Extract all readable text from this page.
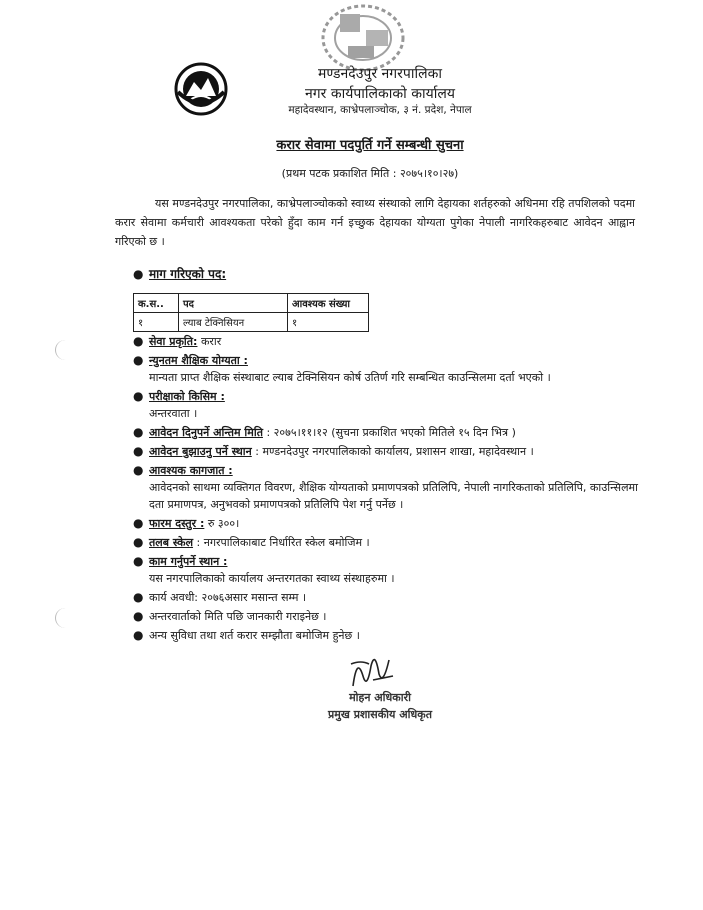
मण्डनदेउपुर नगरपालिका
नगर कार्यपालिकाको कार्यालय
महादेवस्थान, काभ्रेपलाञ्चोक, ३ नं. प्रदेश, नेपाल
करार सेवामा पदपुर्ति गर्ने सम्बन्धी सुचना
(प्रथम पटक प्रकाशित मिति : २०७५।१०।२७)
यस मण्डनदेउपुर नगरपालिका, काभ्रेपलाञ्चोकको स्वाथ्य संस्थाको लागि देहायका शर्तहरुको अधिनमा रहि तपशिलको पदमा करार सेवामा कर्मचारी आवश्यकता परेको हुँदा काम गर्न इच्छुक देहायका योग्यता पुगेका नेपाली नागरिकहरुबाट आवेदन आह्वान गरिएको छ ।
● माग गरिएको पद:
क.स..	पद	आवश्यक संख्या
१	ल्याब टेक्निसियन	१
● सेवा प्रकृति: करार
● न्युनतम शैक्षिक योग्यता :
मान्यता प्राप्त शैक्षिक संस्थाबाट ल्याब टेक्निसियन कोर्ष उतिर्ण गरि सम्बन्धित काउन्सिलमा दर्ता भएको ।
● परीक्षाको किसिम :
अन्तरवाता ।
● आवेदन दिनुपर्ने अन्तिम मिति : २०७५।११।१२ (सुचना प्रकाशित भएको मितिले १५ दिन भित्र )
● आवेदन बुझाउनु पर्ने स्थान : मण्डनदेउपुर नगरपालिकाको कार्यालय, प्रशासन शाखा, महादेवस्थान ।
● आवश्यक कागजात :
आवेदनको साथमा व्यक्तिगत विवरण, शैक्षिक योग्यताको प्रमाणपत्रको प्रतिलिपि, नेपाली नागरिकताको प्रतिलिपि, काउन्सिलमा दता प्रमाणपत्र, अनुभवको प्रमाणपत्रको प्रतिलिपि पेश गर्नु पर्नेछ ।
● फारम दस्तुर : रु ३००।
● तलब स्केल : नगरपालिकाबाट निर्धारित स्केल बमोजिम ।
● काम गर्नुपर्ने स्थान :
यस नगरपालिकाको कार्यालय अन्तरगतका स्वाथ्य संस्थाहरुमा ।
● कार्य अवधी: २०७६असार मसान्त सम्म ।
● अन्तरवार्ताको मिति पछि जानकारी गराइनेछ ।
● अन्य सुविधा तथा शर्त करार सम्झौता बमोजिम हुनेछ ।
मोहन अधिकारी
प्रमुख प्रशासकीय अधिकृत
